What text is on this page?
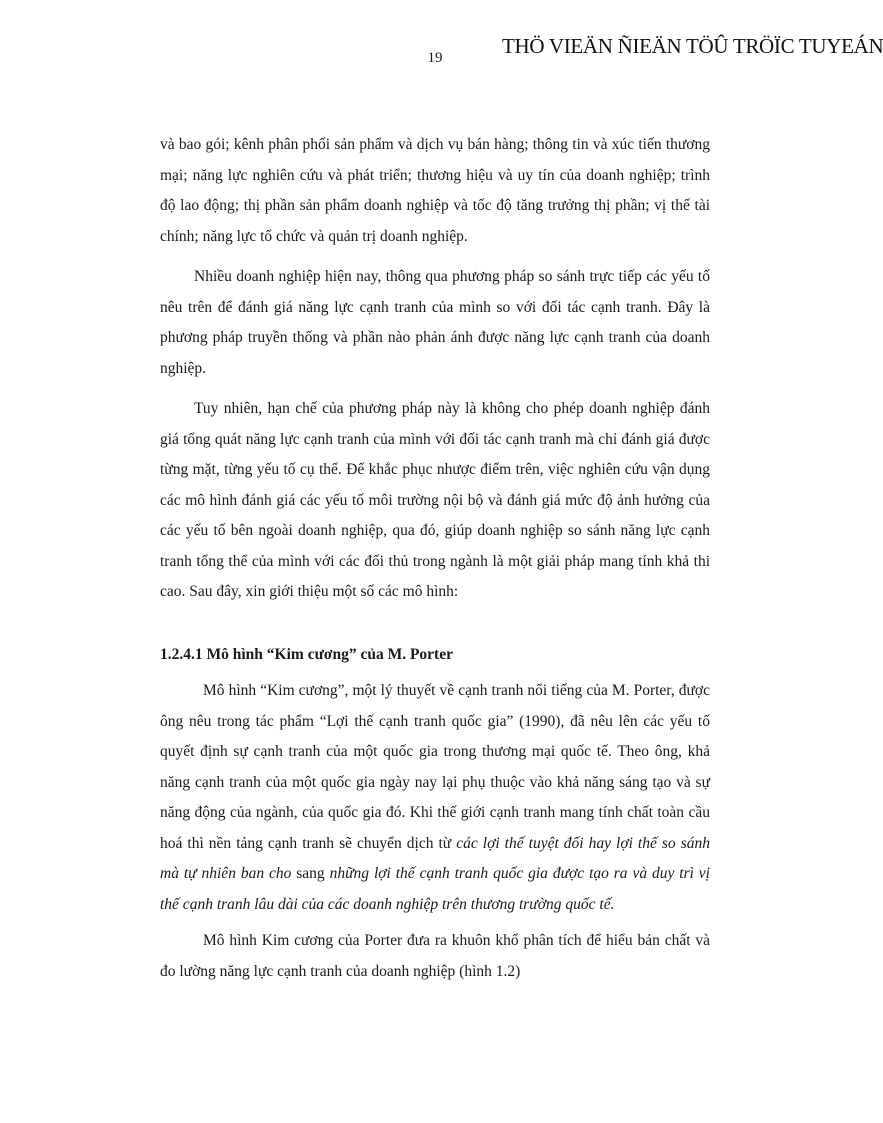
THÖ VIEÄN ÑIEÄN TÖÛ TRÖÏC TUYEÁN
19

và bao gói; kênh phân phối sản phẩm và dịch vụ bán hàng; thông tin và xúc tiến thương mại; năng lực nghiên cứu và phát triển; thương hiệu và uy tín của doanh nghiệp; trình độ lao động; thị phần sản phẩm doanh nghiệp và tốc độ tăng trưởng thị phần; vị thế tài chính; năng lực tổ chức và quản trị doanh nghiệp.

Nhiều doanh nghiệp hiện nay, thông qua phương pháp so sánh trực tiếp các yếu tố nêu trên để đánh giá năng lực cạnh tranh của mình so với đối tác cạnh tranh. Đây là phương pháp truyền thống và phần nào phản ánh được năng lực cạnh tranh của doanh nghiệp.

Tuy nhiên, hạn chế của phương pháp này là không cho phép doanh nghiệp đánh giá tổng quát năng lực cạnh tranh của mình với đối tác cạnh tranh mà chỉ đánh giá được từng mặt, từng yếu tố cụ thể. Để khắc phục nhược điểm trên, việc nghiên cứu vận dụng các mô hình đánh giá các yếu tố môi trường nội bộ và đánh giá mức độ ảnh hưởng của các yếu tố bên ngoài doanh nghiệp, qua đó, giúp doanh nghiệp so sánh năng lực cạnh tranh tổng thể của mình với các đối thủ trong ngành là một giải pháp mang tính khả thi cao. Sau đây, xin giới thiệu một số các mô hình:

1.2.4.1 Mô hình “Kim cương” của M. Porter

Mô hình “Kim cương”, một lý thuyết về cạnh tranh nổi tiếng của M. Porter, được ông nêu trong tác phẩm “Lợi thế cạnh tranh quốc gia” (1990), đã nêu lên các yếu tố quyết định sự cạnh tranh của một quốc gia trong thương mại quốc tế. Theo ông, khả năng cạnh tranh của một quốc gia ngày nay lại phụ thuộc vào khả năng sáng tạo và sự năng động của ngành, của quốc gia đó. Khi thế giới cạnh tranh mang tính chất toàn cầu hoá thì nền tảng cạnh tranh sẽ chuyển dịch từ các lợi thế tuyệt đối hay lợi thế so sánh mà tự nhiên ban cho sang những lợi thế cạnh tranh quốc gia được tạo ra và duy trì vị thế cạnh tranh lâu dài của các doanh nghiệp trên thương trường quốc tế.

Mô hình Kim cương của Porter đưa ra khuôn khổ phân tích để hiểu bản chất và đo lường năng lực cạnh tranh của doanh nghiệp (hình 1.2)
